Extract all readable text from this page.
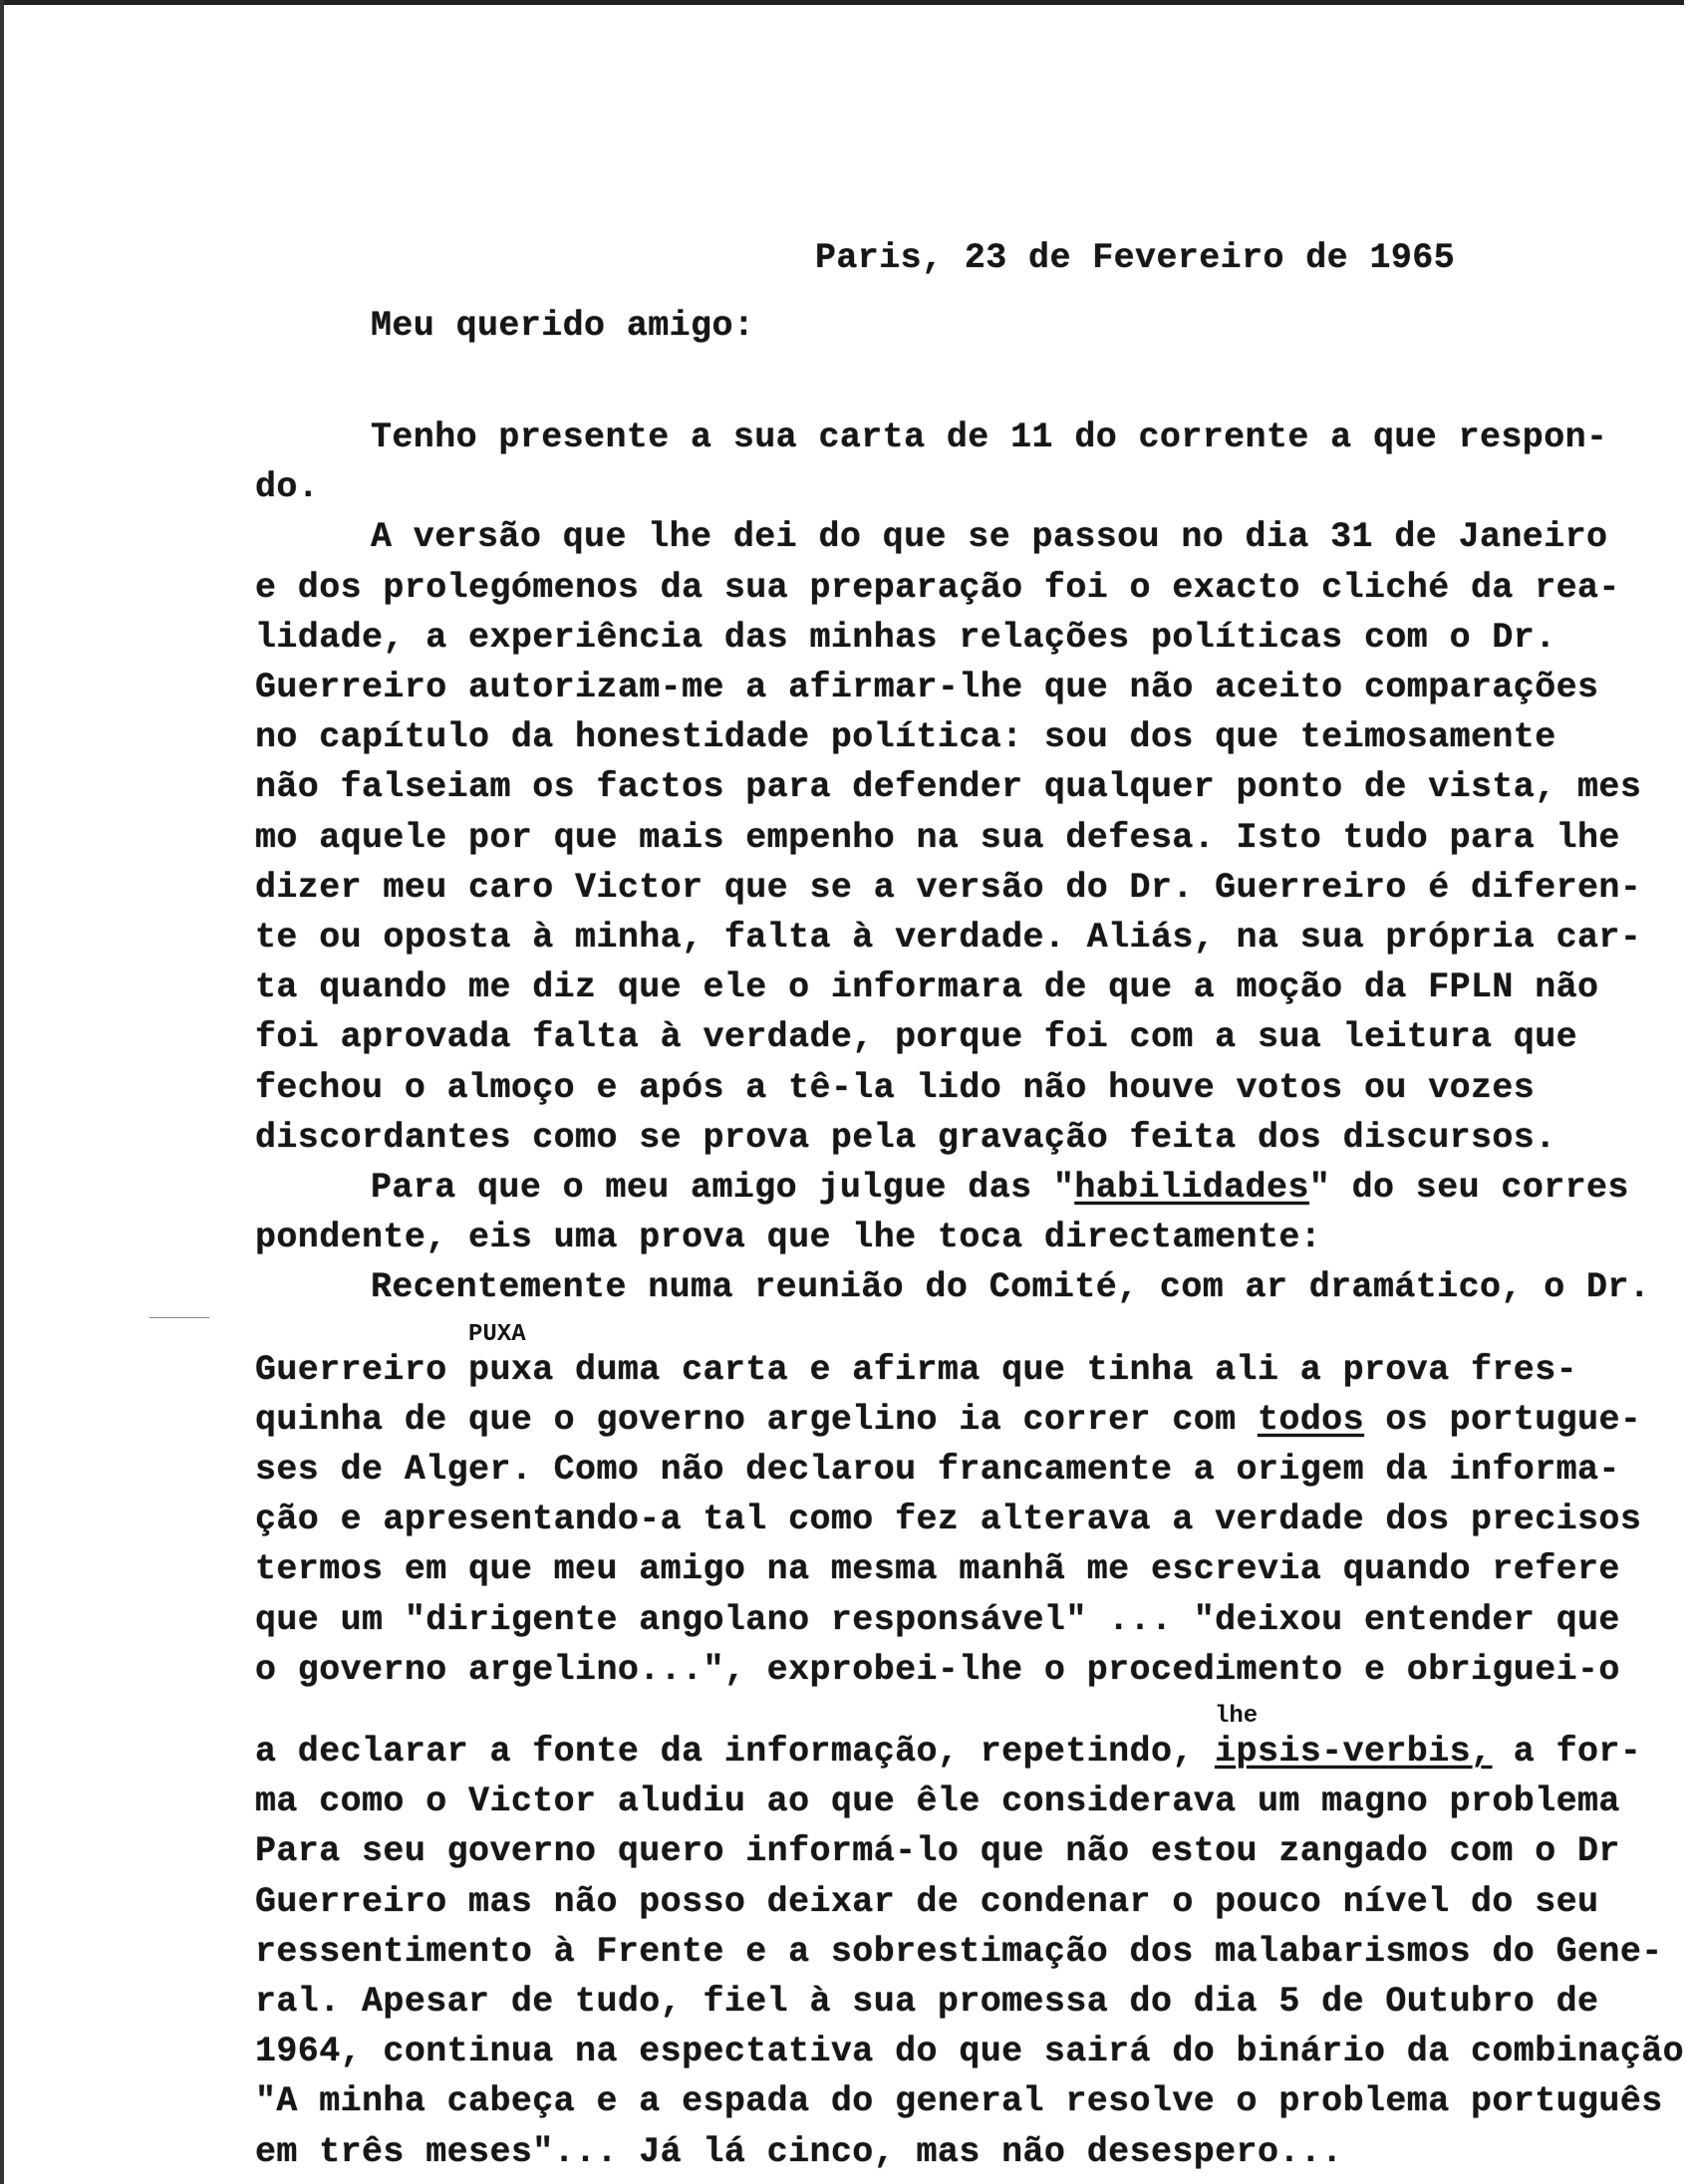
Paris, 23 de Fevereiro de 1965
Meu querido amigo:
Tenho presente a sua carta de 11 do corrente a que respon-
do.
A versão que lhe dei do que se passou no dia 31 de Janeiro
e dos prolegómenos da sua preparação foi o exacto cliché da rea-
lidade, a experiência das minhas relações políticas com o Dr.
Guerreiro autorizam-me a afirmar-lhe que não aceito comparações
no capítulo da honestidade política: sou dos que teimosamente
não falseiam os factos para defender qualquer ponto de vista, mes
mo aquele por que mais empenho na sua defesa. Isto tudo para lhe
dizer meu caro Victor que se a versão do Dr. Guerreiro é diferen-
te ou oposta à minha, falta à verdade. Aliás, na sua própria car-
ta quando me diz que ele o informara de que a moção da FPLN não
foi aprovada falta à verdade, porque foi com a sua leitura que
fechou o almoço e após a tê-la lido não houve votos ou vozes
discordantes como se prova pela gravação feita dos discursos.
Para que o meu amigo julgue das "habilidades" do seu corres
pondente, eis uma prova que lhe toca directamente:
Recentemente numa reunião do Comité, com ar dramático, o Dr.
Guerreiro puxa duma carta e afirma que tinha ali a prova fres-
quinha de que o governo argelino ia correr com todos os portugue-
ses de Alger. Como não declarou francamente a origem da informa-
ção e apresentando-a tal como fez alterava a verdade dos precisos
termos em que meu amigo na mesma manhã me escrevia quando refere
que um "dirigente angolano responsável" ... "deixou entender que
o governo argelino...", exprobei-lhe o procedimento e obriguei-o
a declarar a fonte da informação, repetindo, ipsis-verbis, a for-
ma como o Victor aludiu ao que êle considerava um magno problema
Para seu governo quero informá-lo que não estou zangado com o Dr
Guerreiro mas não posso deixar de condenar o pouco nível do seu
ressentimento à Frente e a sobrestimação dos malabarismos do Gene-
ral. Apesar de tudo, fiel à sua promessa do dia 5 de Outubro de
1964, continua na espectativa do que sairá do binário da combinação
"A minha cabeça e a espada do general resolve o problema português
em três meses"... Já lá cinco, mas não desespero...
PUXA
lhe
